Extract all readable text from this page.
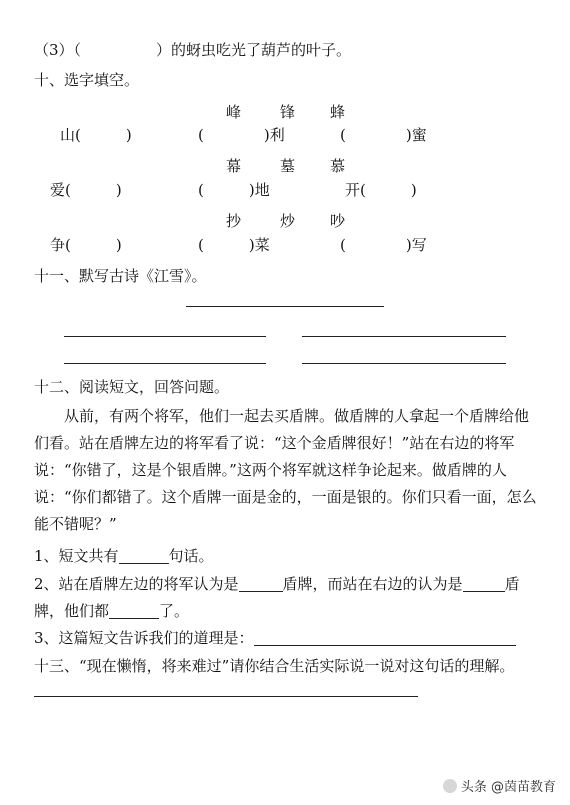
（3）（　　　　　）的蚜虫吃光了葫芦的叶子。
十、选字填空。
峰	锋 蜂
山(　　　)	(　　　　)利	(　　　　)蜜
幕	墓 慕
爱(　　　)	(　　　)地	开(　　　)
抄	炒 吵
争(　　　)	(　　　)菜	(　　　　)写
十一、默写古诗《江雪》。
十二、阅读短文，回答问题。
从前，有两个将军，他们一起去买盾牌。做盾牌的人拿起一个盾牌给他们看。站在盾牌左边的将军看了说：“这个金盾牌很好！”站在右边的将军说：“你错了，这是个银盾牌。”这两个将军就这样争论起来。做盾牌的人说：“你们都错了。这个盾牌一面是金的，一面是银的。你们只看一面，怎么能不错呢？”
1、短文共有	句话。
2、站在盾牌左边的将军认为是	盾牌，而站在右边的认为是	盾
牌，他们都	了。
3、这篇短文告诉我们的道理是：
十三、“现在懒惰，将来难过”请你结合生活实际说一说对这句话的理解。
头条 @茵苗教育
